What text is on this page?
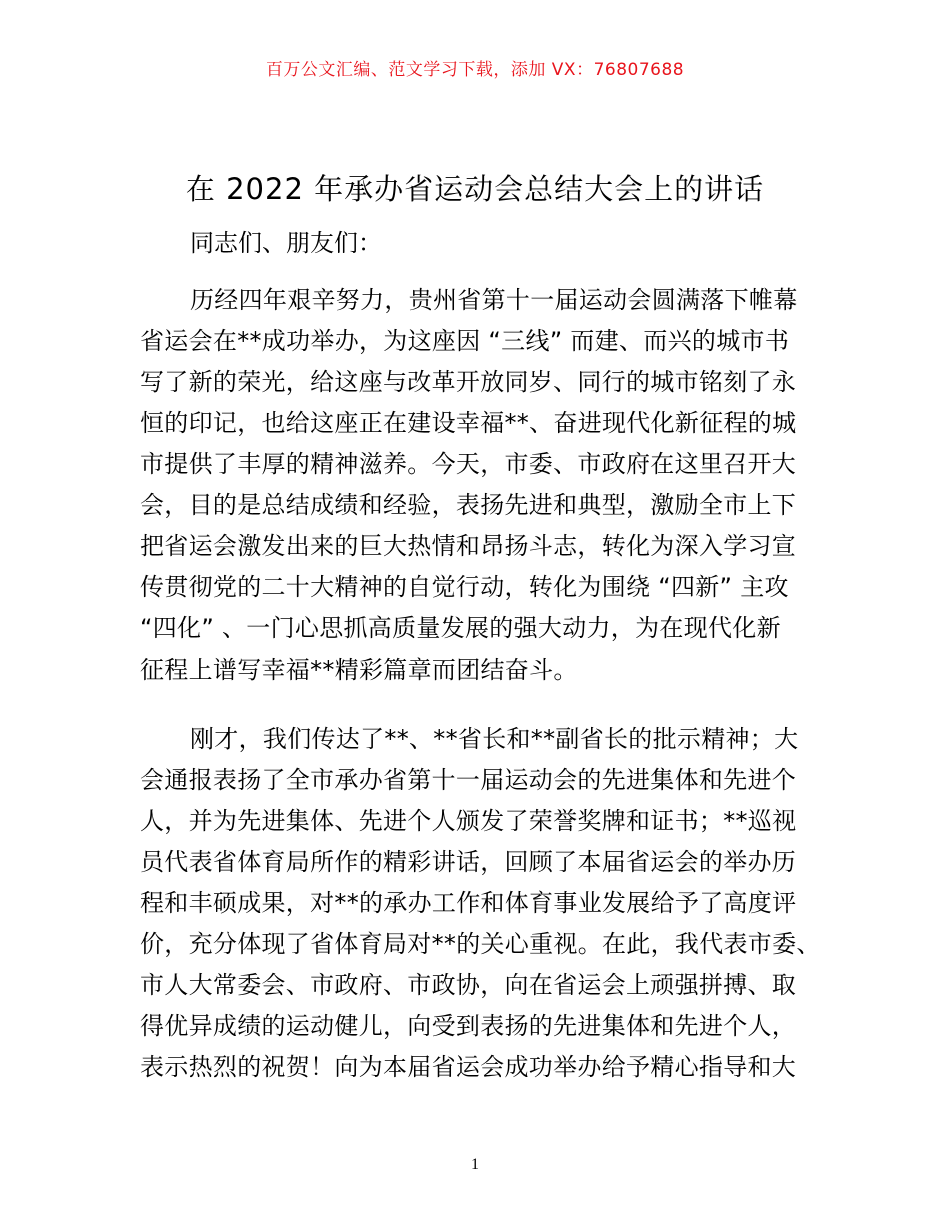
百万公文汇编、范文学习下载，添加 VX：76807688
在 2022 年承办省运动会总结大会上的讲话
同志们、朋友们：
历经四年艰辛努力，贵州省第十一届运动会圆满落下帷幕
省运会在**成功举办，为这座因 “三线” 而建、而兴的城市书
写了新的荣光，给这座与改革开放同岁、同行的城市铭刻了永
恒的印记，也给这座正在建设幸福**、奋进现代化新征程的城
市提供了丰厚的精神滋养。今天，市委、市政府在这里召开大
会，目的是总结成绩和经验，表扬先进和典型，激励全市上下
把省运会激发出来的巨大热情和昂扬斗志，转化为深入学习宣
传贯彻党的二十大精神的自觉行动，转化为围绕 “四新” 主攻
“四化” 、一门心思抓高质量发展的强大动力，为在现代化新
征程上谱写幸福**精彩篇章而团结奋斗。
刚才，我们传达了**、**省长和**副省长的批示精神；大
会通报表扬了全市承办省第十一届运动会的先进集体和先进个
人，并为先进集体、先进个人颁发了荣誉奖牌和证书；**巡视
员代表省体育局所作的精彩讲话，回顾了本届省运会的举办历
程和丰硕成果，对**的承办工作和体育事业发展给予了高度评
价，充分体现了省体育局对**的关心重视。在此，我代表市委、
市人大常委会、市政府、市政协，向在省运会上顽强拼搏、取
得优异成绩的运动健儿，向受到表扬的先进集体和先进个人，
表示热烈的祝贺！向为本届省运会成功举办给予精心指导和大
1
